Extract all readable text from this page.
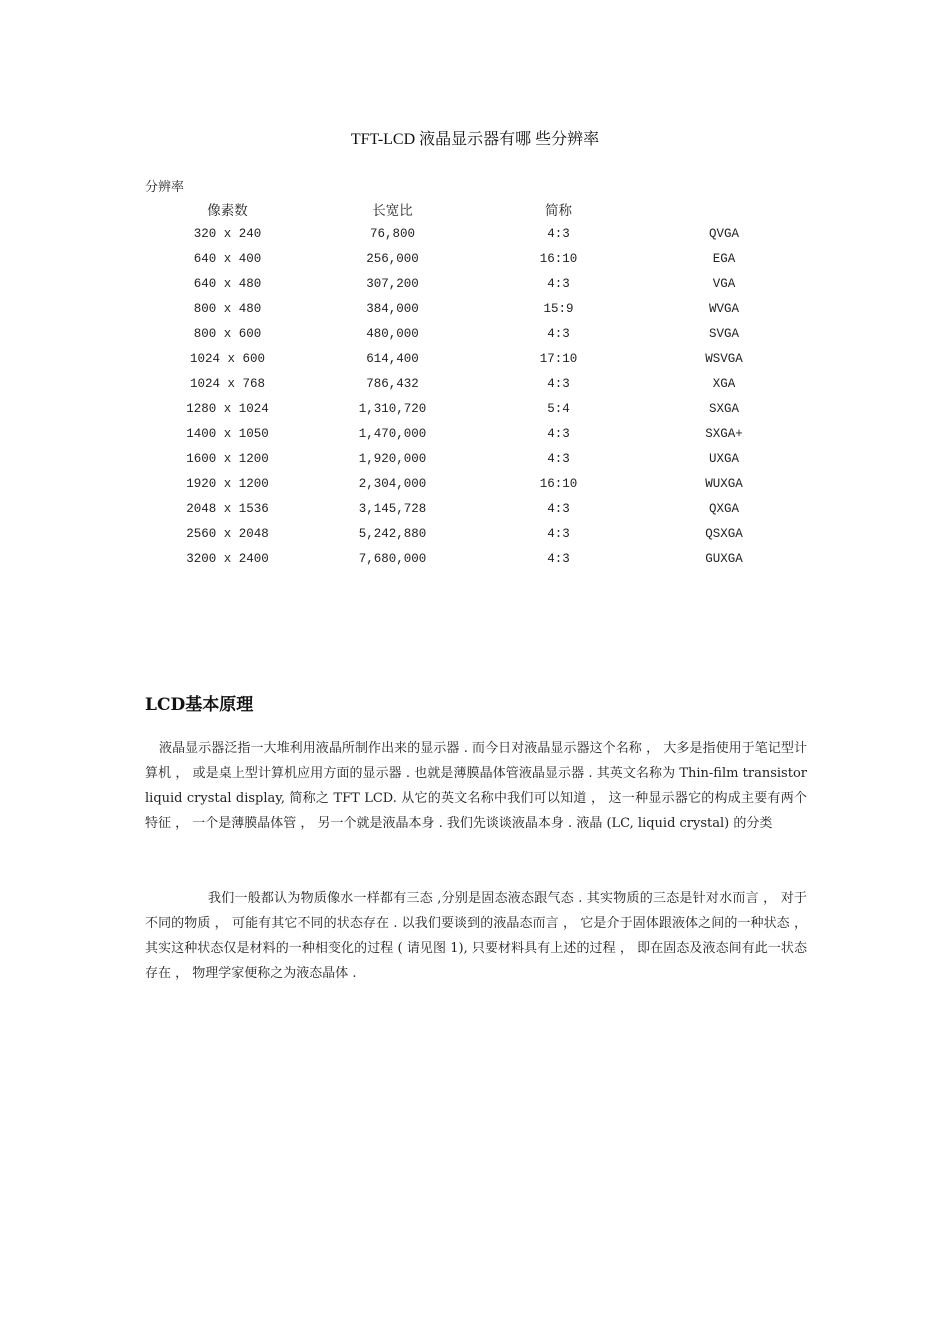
TFT-LCD 液晶显示器有哪 些分辨率
分辨率
像素数	长宽比	简称	
320 x 240	76,800	4:3	QVGA
640 x 400	256,000	16:10	EGA
640 x 480	307,200	4:3	VGA
800 x 480	384,000	15:9	WVGA
800 x 600	480,000	4:3	SVGA
1024 x 600	614,400	17:10	WSVGA
1024 x 768	786,432	4:3	XGA
1280 x 1024	1,310,720	5:4	SXGA
1400 x 1050	1,470,000	4:3	SXGA+
1600 x 1200	1,920,000	4:3	UXGA
1920 x 1200	2,304,000	16:10	WUXGA
2048 x 1536	3,145,728	4:3	QXGA
2560 x 2048	5,242,880	4:3	QSXGA
3200 x 2400	7,680,000	4:3	GUXGA
LCD基本原理

液晶显示器泛指一大堆利用液晶所制作出来的显示器 . 而今日对液晶显示器这个名称 ， 大多是指使用于笔记型计算机 ， 或是桌上型计算机应用方面的显示器 . 也就是薄膜晶体管液晶显示器 . 其英文名称为 Thin-film transistor liquid crystal display, 简称之 TFT LCD. 从它的英文名称中我们可以知道 ， 这一种显示器它的构成主要有两个特征 ， 一个是薄膜晶体管 ， 另一个就是液晶本身 . 我们先谈谈液晶本身 . 液晶 (LC, liquid crystal) 的分类

我们一般都认为物质像水一样都有三态 ,分别是固态液态跟气态 . 其实物质的三态是针对水而言 ， 对于不同的物质 ， 可能有其它不同的状态存在 . 以我们要谈到的液晶态而言 ， 它是介于固体跟液体之间的一种状态 ， 其实这种状态仅是材料的一种相变化的过程 ( 请见图 1), 只要材料具有上述的过程 ， 即在固态及液态间有此一状态存在 ， 物理学家便称之为液态晶体 .
